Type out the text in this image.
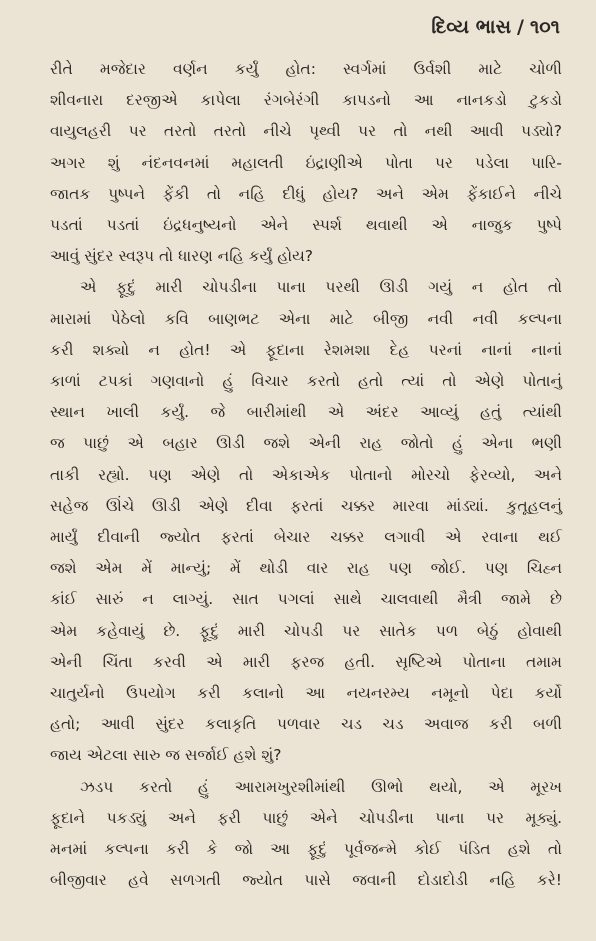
દિવ્ય ભાસ / ૧૦૧
રીતે મજેદાર વર્ણન કર્યું હોત: સ્વર્ગમાં ઉર્વશી માટે ચોળી
શીવનારા દરજીએ કાપેલા રંગબેરંગી કાપડનો આ નાનકડો ટુકડો
વાયુલહરી પર તરતો તરતો નીચે પૃથ્વી પર તો નથી આવી પડ્યો?
અગર શું નંદનવનમાં મહાલતી ઇંદ્રાણીએ પોતા પર પડેલા પારિ-
જાતક પુષ્પને ફેંકી તો નહિ દીધું હોય? અને એમ ફેંકાઈને નીચે
પડતાં પડતાં ઇંદ્રધનુષ્યનો એને સ્પર્શ થવાથી એ નાજુક પુષ્પે
આવું સુંદર સ્વરૂપ તો ધારણ નહિ કર્યું હોય?
એ ફૂદું મારી ચોપડીના પાના પરથી ઊડી ગયું ન હોત તો
મારામાં પેઠેલો કવિ બાણભટ એના માટે બીજી નવી નવી કલ્પના
કરી શક્યો ન હોત! એ ફૂદાના રેશમશા દેહ પરનાં નાનાં નાનાં
કાળાં ટપકાં ગણવાનો હું વિચાર કરતો હતો ત્યાં તો એણે પોતાનું
સ્થાન ખાલી કર્યું. જે બારીમાંથી એ અંદર આવ્યું હતું ત્યાંથી
જ પાછું એ બહાર ઊડી જશે એની રાહ જોતો હું એના ભણી
તાકી રહ્યો. પણ એણે તો એકાએક પોતાનો મોરચો ફેરવ્યો, અને
સહેજ ઊંચે ઊડી એણે દીવા ફરતાં ચક્કર મારવા માંડ્યાં. કુતૂહલનું
માર્યું દીવાની જ્યોત ફરતાં બેચાર ચક્કર લગાવી એ રવાના થઈ
જશે એમ મેં માન્યું; મેં થોડી વાર રાહ પણ જોઈ. પણ ચિહ્ન
કાંઈ સારું ન લાગ્યું. સાત પગલાં સાથે ચાલવાથી મૈત્રી જામે છે
એમ કહેવાયું છે. ફૂદું મારી ચોપડી પર સાતેક પળ બેઠું હોવાથી
એની ચિંતા કરવી એ મારી ફરજ હતી. સૃષ્ટિએ પોતાના તમામ
ચાતુર્યનો ઉપયોગ કરી કલાનો આ નયનરમ્ય નમૂનો પેદા કર્યો
હતો; આવી સુંદર કલાકૃતિ પળવાર ચડ ચડ અવાજ કરી બળી
જાય એટલા સારુ જ સર્જાઈ હશે શું?
ઝડપ કરતો હું આરામખુરશીમાંથી ઊભો થયો, એ મૂરખ
ફૂદાને પકડ્યું અને ફરી પાછું એને ચોપડીના પાના પર મૂક્યું.
મનમાં કલ્પના કરી કે જો આ ફૂદું પૂર્વજન્મે કોઈ પંડિત હશે તો
બીજીવાર હવે સળગતી જ્યોત પાસે જવાની દોડાદોડી નહિ કરે!
